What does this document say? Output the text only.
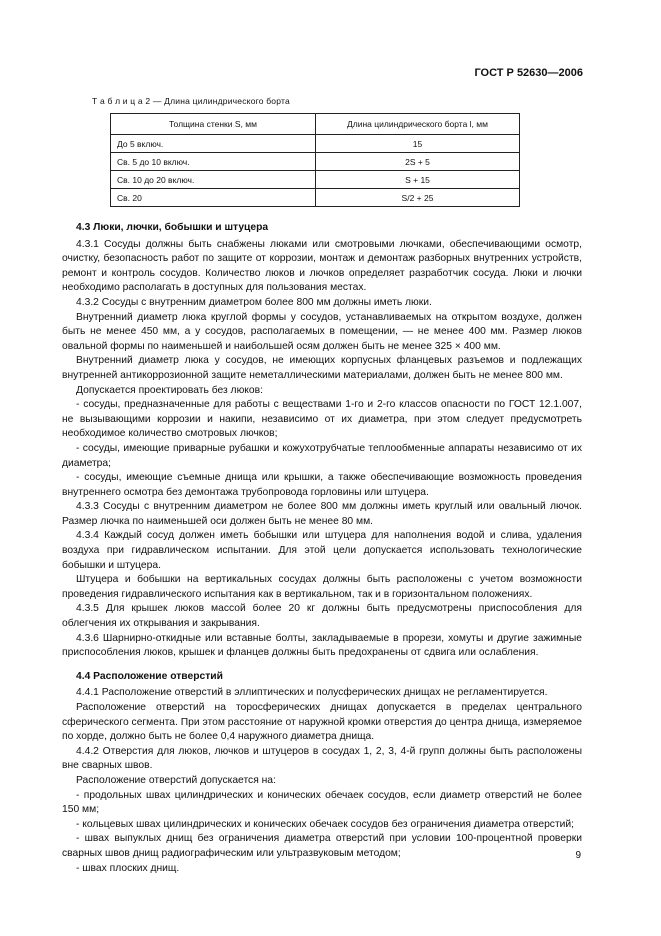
ГОСТ Р 52630—2006
Т а б л и ц а 2 — Длина цилиндрического борта
Толщина стенки S, мм	Длина цилиндрического борта l, мм
До 5 включ.	15
Св. 5 до 10 включ.	2S + 5
Св. 10 до 20 включ.	S + 15
Св. 20	S/2 + 25
4.3 Люки, лючки, бобышки и штуцера

4.3.1 Сосуды должны быть снабжены люками или смотровыми лючками, обеспечивающими осмотр, очистку, безопасность работ по защите от коррозии, монтаж и демонтаж разборных внутренних устройств, ремонт и контроль сосудов. Количество люков и лючков определяет разработчик сосуда. Люки и лючки необходимо располагать в доступных для пользования местах.

4.3.2 Сосуды с внутренним диаметром более 800 мм должны иметь люки.

Внутренний диаметр люка круглой формы у сосудов, устанавливаемых на открытом воздухе, должен быть не менее 450 мм, а у сосудов, располагаемых в помещении, — не менее 400 мм. Размер люков овальной формы по наименьшей и наибольшей осям должен быть не менее 325 × 400 мм.

Внутренний диаметр люка у сосудов, не имеющих корпусных фланцевых разъемов и подлежащих внутренней антикоррозионной защите неметаллическими материалами, должен быть не менее 800 мм.

Допускается проектировать без люков:

- сосуды, предназначенные для работы с веществами 1-го и 2-го классов опасности по ГОСТ 12.1.007, не вызывающими коррозии и накипи, независимо от их диаметра, при этом следует предусмотреть необходимое количество смотровых лючков;

- сосуды, имеющие приварные рубашки и кожухотрубчатые теплообменные аппараты независимо от их диаметра;

- сосуды, имеющие съемные днища или крышки, а также обеспечивающие возможность проведения внутреннего осмотра без демонтажа трубопровода горловины или штуцера.

4.3.3 Сосуды с внутренним диаметром не более 800 мм должны иметь круглый или овальный лючок. Размер лючка по наименьшей оси должен быть не менее 80 мм.

4.3.4 Каждый сосуд должен иметь бобышки или штуцера для наполнения водой и слива, удаления воздуха при гидравлическом испытании. Для этой цели допускается использовать технологические бобышки и штуцера.

Штуцера и бобышки на вертикальных сосудах должны быть расположены с учетом возможности проведения гидравлического испытания как в вертикальном, так и в горизонтальном положениях.

4.3.5 Для крышек люков массой более 20 кг должны быть предусмотрены приспособления для облегчения их открывания и закрывания.

4.3.6 Шарнирно-откидные или вставные болты, закладываемые в прорези, хомуты и другие зажимные приспособления люков, крышек и фланцев должны быть предохранены от сдвига или ослабления.

4.4 Расположение отверстий

4.4.1 Расположение отверстий в эллиптических и полусферических днищах не регламентируется.

Расположение отверстий на торосферических днищах допускается в пределах центрального сферического сегмента. При этом расстояние от наружной кромки отверстия до центра днища, измеряемое по хорде, должно быть не более 0,4 наружного диаметра днища.

4.4.2 Отверстия для люков, лючков и штуцеров в сосудах 1, 2, 3, 4-й групп должны быть расположены вне сварных швов.

Расположение отверстий допускается на:

- продольных швах цилиндрических и конических обечаек сосудов, если диаметр отверстий не более 150 мм;

- кольцевых швах цилиндрических и конических обечаек сосудов без ограничения диаметра отверстий;

- швах выпуклых днищ без ограничения диаметра отверстий при условии 100-процентной проверки сварных швов днищ радиографическим или ультразвуковым методом;

- швах плоских днищ.

9
